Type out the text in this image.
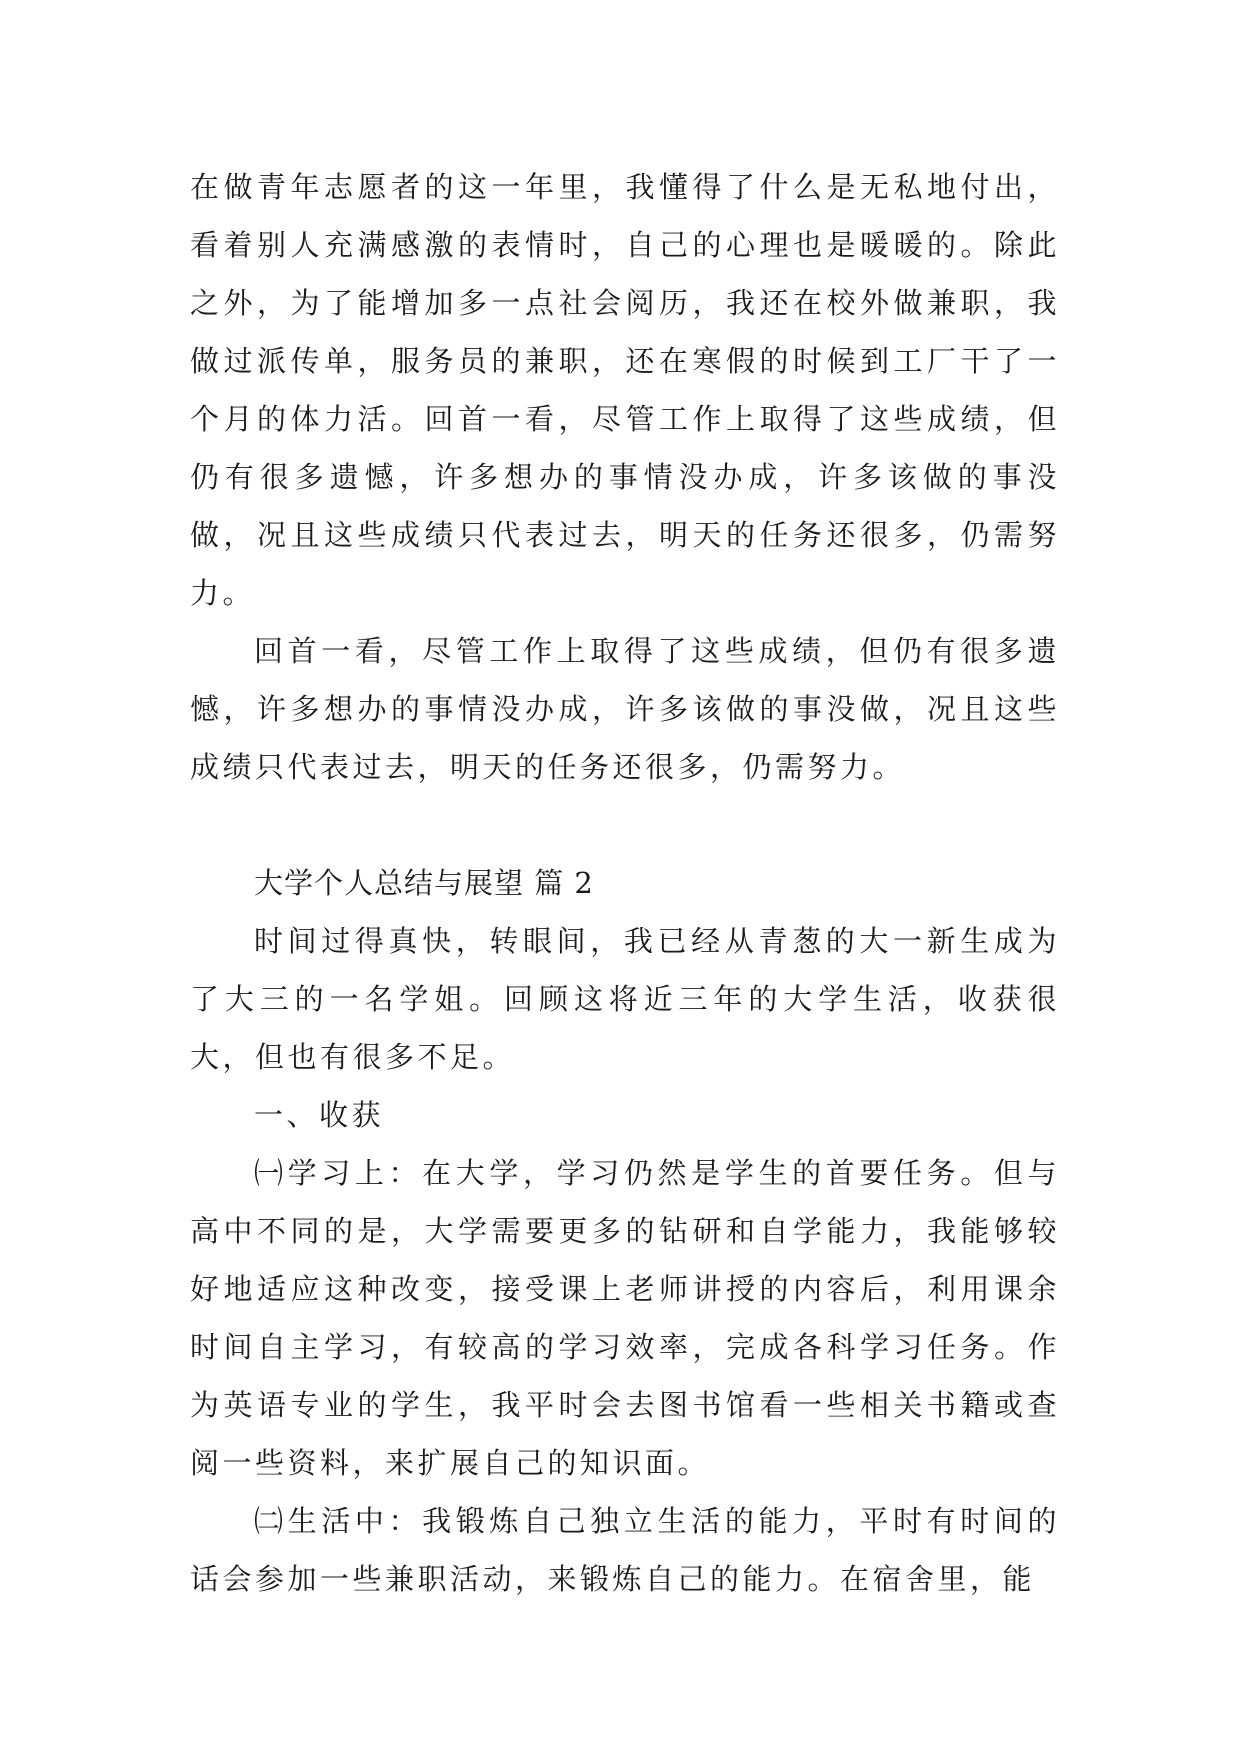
在做青年志愿者的这一年里，我懂得了什么是无私地付出，看着别人充满感激的表情时，自己的心理也是暖暖的。除此之外，为了能增加多一点社会阅历，我还在校外做兼职，我做过派传单，服务员的兼职，还在寒假的时候到工厂干了一个月的体力活。回首一看，尽管工作上取得了这些成绩，但仍有很多遗憾，许多想办的事情没办成，许多该做的事没做，况且这些成绩只代表过去，明天的任务还很多，仍需努力。

回首一看，尽管工作上取得了这些成绩，但仍有很多遗憾，许多想办的事情没办成，许多该做的事没做，况且这些成绩只代表过去，明天的任务还很多，仍需努力。

大学个人总结与展望 篇 2

时间过得真快，转眼间，我已经从青葱的大一新生成为了大三的一名学姐。回顾这将近三年的大学生活，收获很大，但也有很多不足。

一、收获

㈠学习上：在大学，学习仍然是学生的首要任务。但与高中不同的是，大学需要更多的钻研和自学能力，我能够较好地适应这种改变，接受课上老师讲授的内容后，利用课余时间自主学习，有较高的学习效率，完成各科学习任务。作为英语专业的学生，我平时会去图书馆看一些相关书籍或查阅一些资料，来扩展自己的知识面。

㈡生活中：我锻炼自己独立生活的能力，平时有时间的话会参加一些兼职活动，来锻炼自己的能力。在宿舍里，能
